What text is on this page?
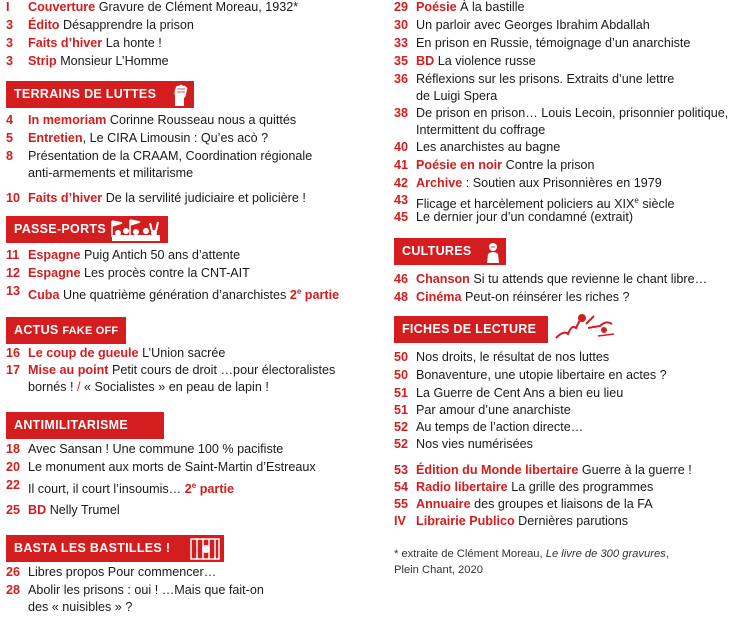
I	Couverture Gravure de Clément Moreau, 1932*
3	Édito Désapprendre la prison
3	Faits d’hiver La honte !
3	Strip Monsieur L’Homme
TERRAINS DE LUTTES
4	In memoriam Corinne Rousseau nous a quittés
5	Entretien, Le CIRA Limousin : Qu’es acò ?
8	Présentation de la CRAAM, Coordination régionale
anti-armements et militarisme
10 Faits d’hiver De la servilité judiciaire et policière !
PASSE-PORTS
11 Espagne Puig Antich 50 ans d’attente
12 Espagne Les procès contre la CNT-AIT
13 Cuba Une quatrième génération d’anarchistes 2e partie
ACTUS FAKE OFF
16 Le coup de gueule L’Union sacrée
17 Mise au point Petit cours de droit …pour électoralistes
bornés ! / « Socialistes » en peau de lapin !
ANTIMILITARISME
18 Avec Sansan ! Une commune 100 % pacifiste
20 Le monument aux morts de Saint-Martin d’Estreaux
22 Il court, il court l’insoumis… 2e partie
25 BD Nelly Trumel
BASTA LES BASTILLES !
26 Libres propos Pour commencer…
28 Abolir les prisons : oui ! …Mais que fait-on
des « nuisibles » ?
29 Poésie À la bastille
30 Un parloir avec Georges Ibrahim Abdallah
33 En prison en Russie, témoignage d’un anarchiste
35 BD La violence russe
36 Réflexions sur les prisons. Extraits d’une lettre
de Luigi Spera
38 De prison en prison… Louis Lecoin, prisonnier politique,
Intermittent du coffrage
40 Les anarchistes au bagne
41 Poésie en noir Contre la prison
42 Archive : Soutien aux Prisonnières en 1979
43 Flicage et harcèlement policiers au XIXe siècle
45 Le dernier jour d’un condamné (extrait)
CULTURES
46 Chanson Si tu attends que revienne le chant libre…
48 Cinéma Peut-on réinsérer les riches ?
FICHES DE LECTURE
50 Nos droits, le résultat de nos luttes
50 Bonaventure, une utopie libertaire en actes ?
51 La Guerre de Cent Ans a bien eu lieu
51 Par amour d’une anarchiste
52 Au temps de l’action directe…
52 Nos vies numérisées
53 Édition du Monde libertaire Guerre à la guerre !
54 Radio libertaire La grille des programmes
55 Annuaire des groupes et liaisons de la FA
IV Librairie Publico Dernières parutions
* extraite de Clément Moreau, Le livre de 300 gravures,
Plein Chant, 2020
